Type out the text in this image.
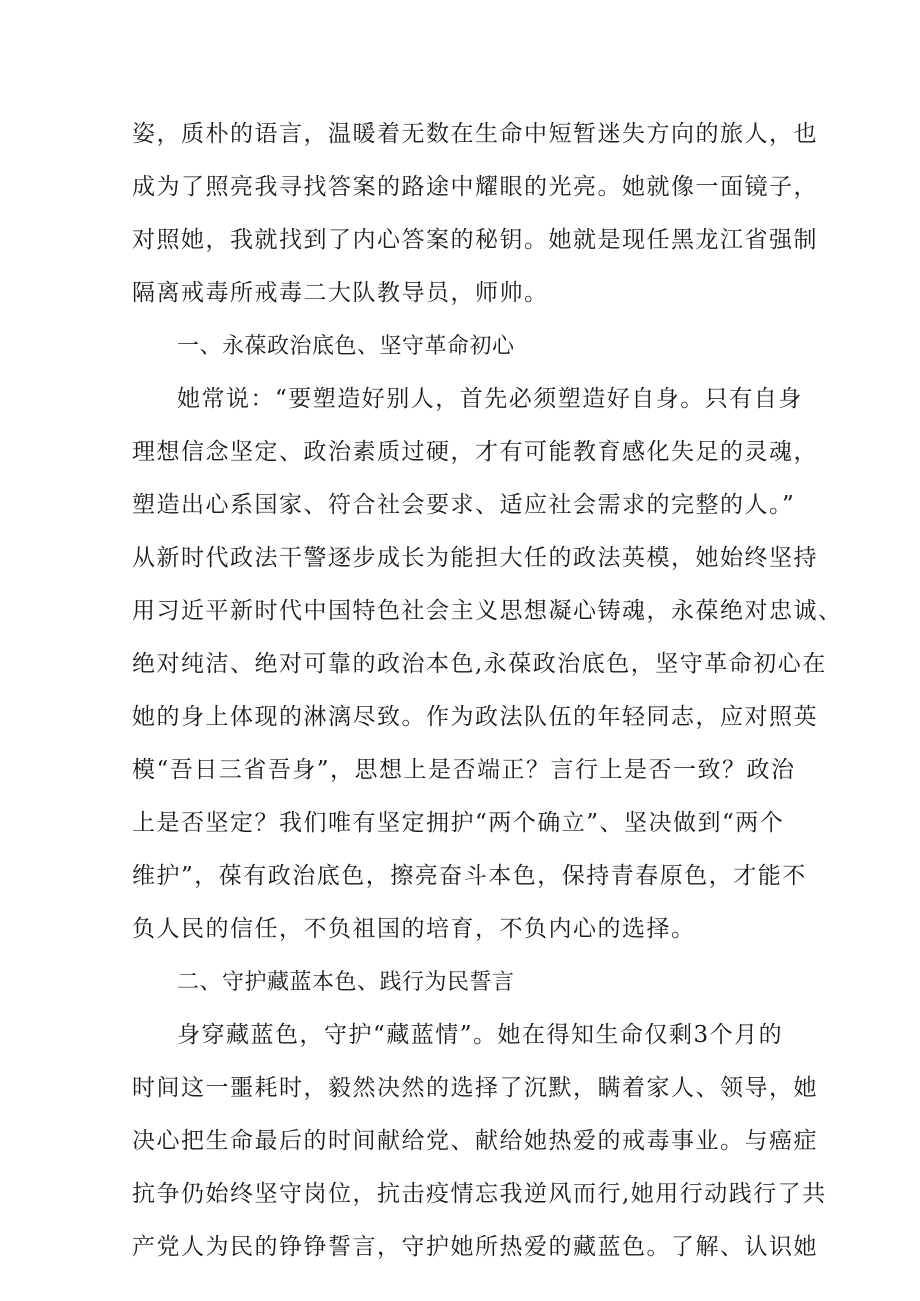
姿，质朴的语言，温暖着无数在生命中短暂迷失方向的旅人，也
成为了照亮我寻找答案的路途中耀眼的光亮。她就像一面镜子，
对照她，我就找到了内心答案的秘钥。她就是现任黑龙江省强制
隔离戒毒所戒毒二大队教导员，师帅。
一、永葆政治底色、坚守革命初心
她常说：“要塑造好别人，首先必须塑造好自身。只有自身
理想信念坚定、政治素质过硬，才有可能教育感化失足的灵魂，
塑造出心系国家、符合社会要求、适应社会需求的完整的人。”
从新时代政法干警逐步成长为能担大任的政法英模，她始终坚持
用习近平新时代中国特色社会主义思想凝心铸魂，永葆绝对忠诚、
绝对纯洁、绝对可靠的政治本色,永葆政治底色，坚守革命初心在
她的身上体现的淋漓尽致。作为政法队伍的年轻同志，应对照英
模“吾日三省吾身”，思想上是否端正？言行上是否一致？政治
上是否坚定？我们唯有坚定拥护“两个确立”、坚决做到“两个
维护”，葆有政治底色，擦亮奋斗本色，保持青春原色，才能不
负人民的信任，不负祖国的培育，不负内心的选择。
二、守护藏蓝本色、践行为民誓言
身穿藏蓝色，守护“藏蓝情”。她在得知生命仅剩3个月的
时间这一噩耗时，毅然决然的选择了沉默，瞒着家人、领导，她
决心把生命最后的时间献给党、献给她热爱的戒毒事业。与癌症
抗争仍始终坚守岗位，抗击疫情忘我逆风而行,她用行动践行了共
产党人为民的铮铮誓言，守护她所热爱的藏蓝色。了解、认识她
